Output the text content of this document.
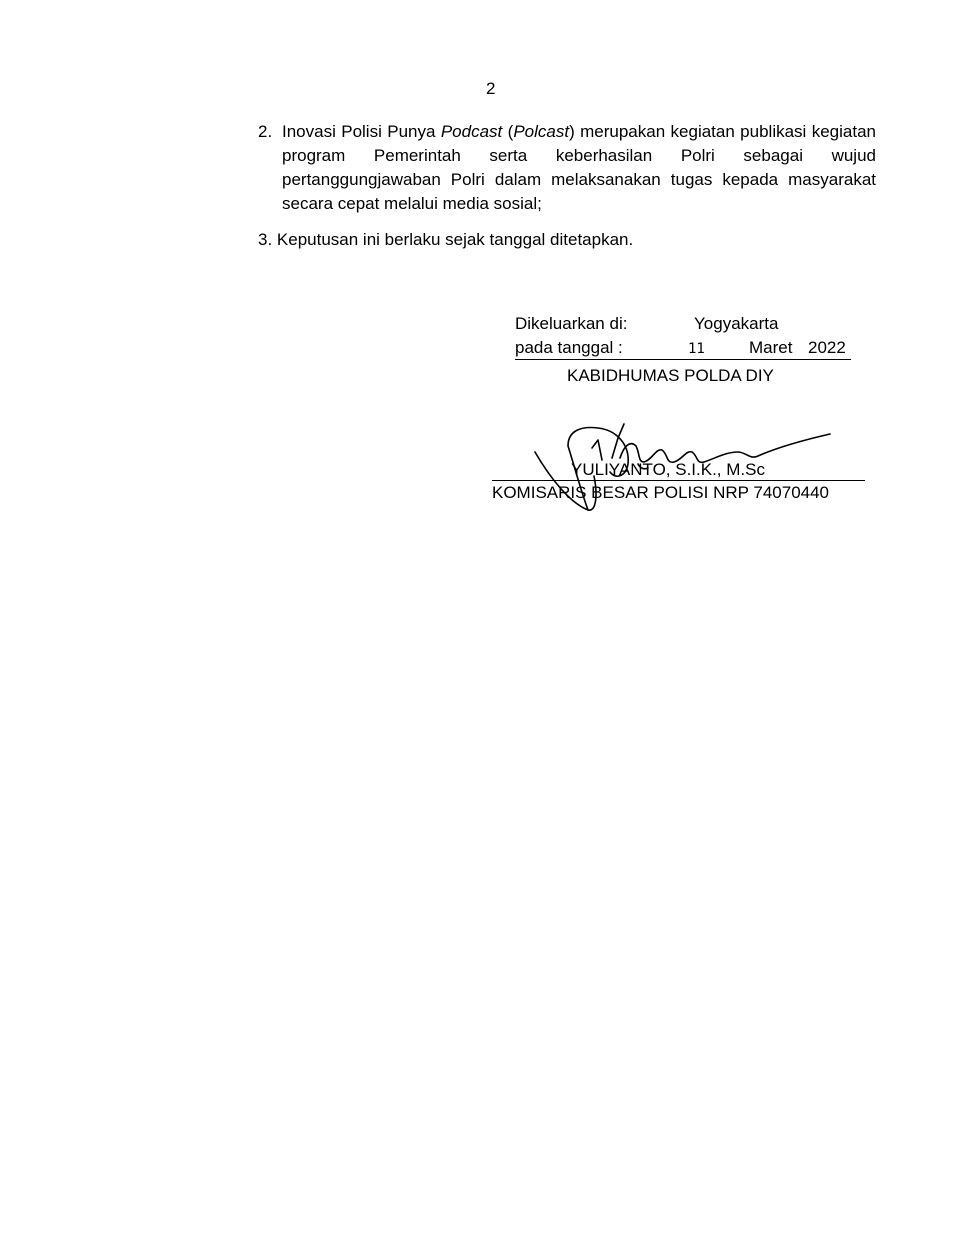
2
2. Inovasi Polisi Punya Podcast (Polcast) merupakan kegiatan publikasi kegiatan program Pemerintah serta keberhasilan Polri sebagai wujud pertanggungjawaban Polri dalam melaksanakan tugas kepada masyarakat secara cepat melalui media sosial;
3. Keputusan ini berlaku sejak tanggal ditetapkan.
Dikeluarkan di:	Yogyakarta
pada tanggal :	11	Maret 2022
KABIDHUMAS POLDA DIY
YULIYANTO, S.I.K., M.Sc
KOMISARIS BESAR POLISI NRP 74070440
